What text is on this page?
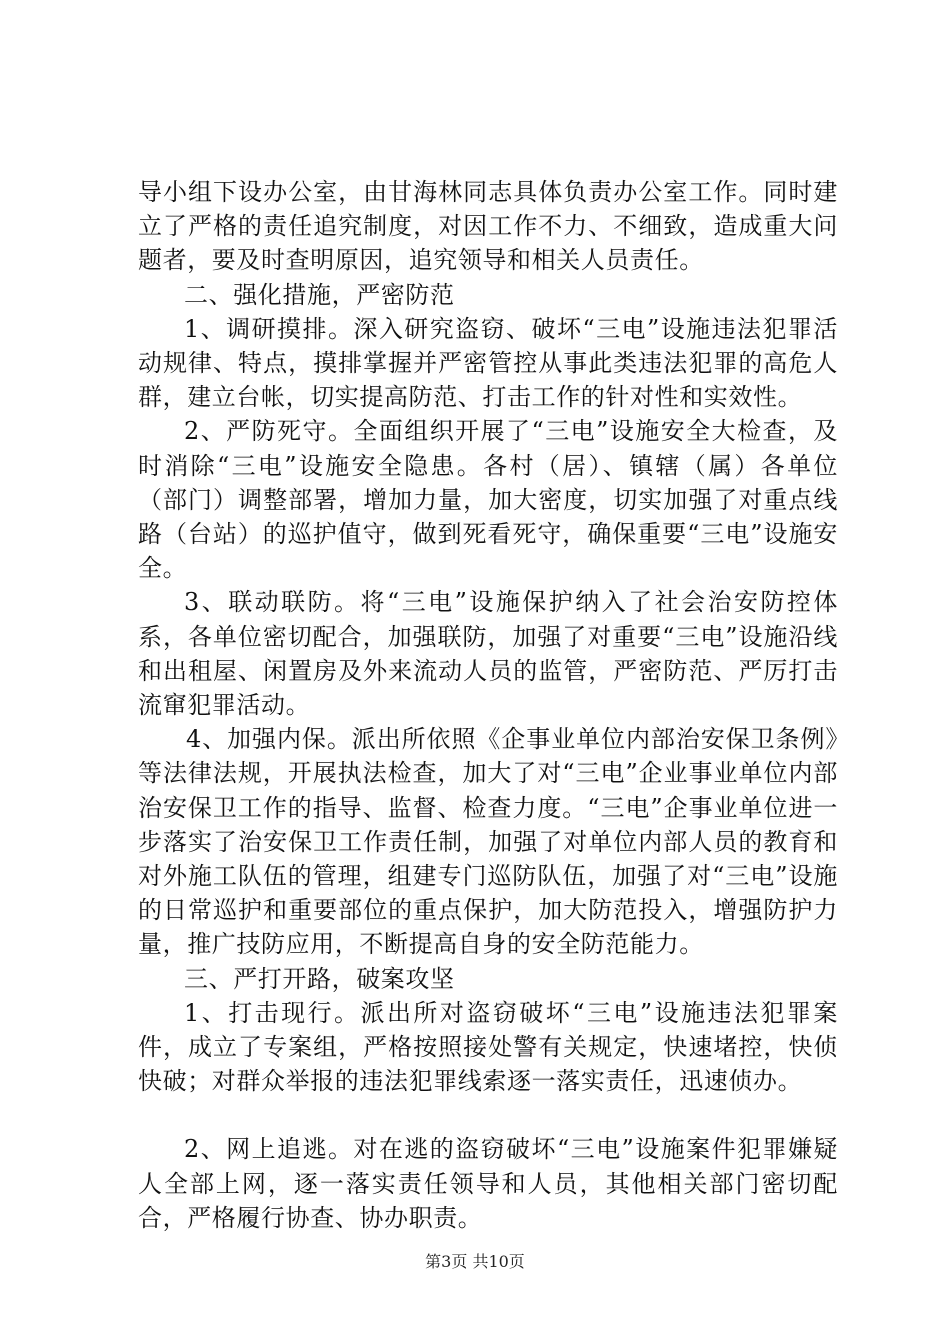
导小组下设办公室，由甘海林同志具体负责办公室工作。同时建立了严格的责任追究制度，对因工作不力、不细致，造成重大问题者，要及时查明原因，追究领导和相关人员责任。

二、强化措施，严密防范

1、调研摸排。深入研究盗窃、破坏“三电”设施违法犯罪活动规律、特点，摸排掌握并严密管控从事此类违法犯罪的高危人群，建立台帐，切实提高防范、打击工作的针对性和实效性。

2、严防死守。全面组织开展了“三电”设施安全大检查，及时消除“三电”设施安全隐患。各村（居）、镇辖（属）各单位（部门）调整部署，增加力量，加大密度，切实加强了对重点线路（台站）的巡护值守，做到死看死守，确保重要“三电”设施安全。

3、联动联防。将“三电”设施保护纳入了社会治安防控体系，各单位密切配合，加强联防，加强了对重要“三电”设施沿线和出租屋、闲置房及外来流动人员的监管，严密防范、严厉打击流窜犯罪活动。

4、加强内保。派出所依照《企事业单位内部治安保卫条例》等法律法规，开展执法检查，加大了对“三电”企业事业单位内部治安保卫工作的指导、监督、检查力度。“三电”企事业单位进一步落实了治安保卫工作责任制，加强了对单位内部人员的教育和对外施工队伍的管理，组建专门巡防队伍，加强了对“三电”设施的日常巡护和重要部位的重点保护，加大防范投入，增强防护力量，推广技防应用，不断提高自身的安全防范能力。

三、严打开路，破案攻坚

1、打击现行。派出所对盗窃破坏“三电”设施违法犯罪案件，成立了专案组，严格按照接处警有关规定，快速堵控，快侦快破；对群众举报的违法犯罪线索逐一落实责任，迅速侦办。

2、网上追逃。对在逃的盗窃破坏“三电”设施案件犯罪嫌疑人全部上网，逐一落实责任领导和人员，其他相关部门密切配合，严格履行协查、协办职责。

第3页 共10页
